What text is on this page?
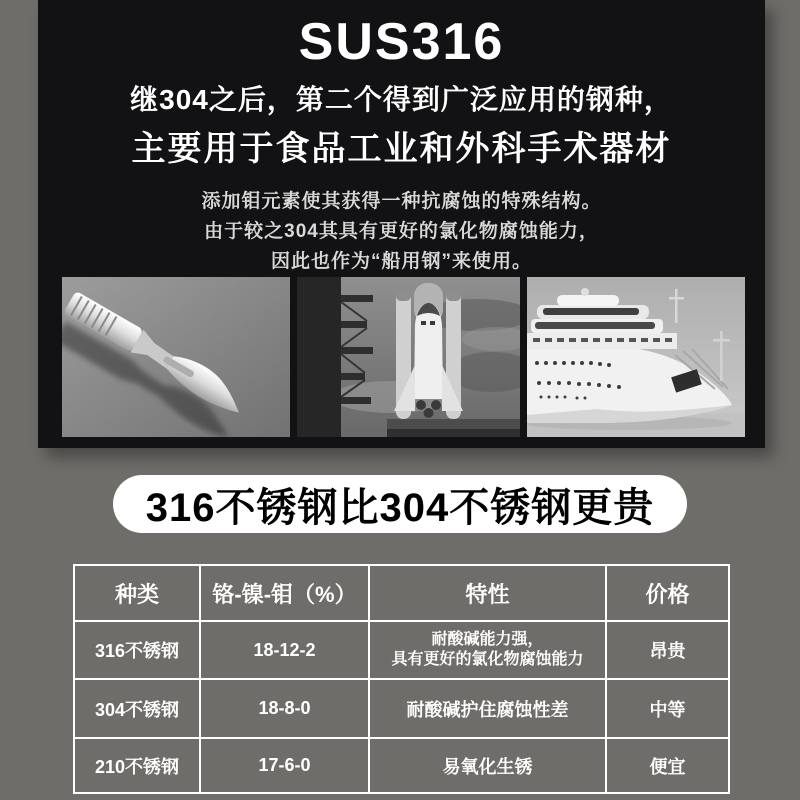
SUS316
继304之后，第二个得到广泛应用的钢种，
主要用于食品工业和外科手术器材
添加钼元素使其获得一种抗腐蚀的特殊结构。
由于较之304其具有更好的氯化物腐蚀能力，
因此也作为“船用钢”来使用。
316不锈钢比304不锈钢更贵
种类	铬-镍-钼（%）	特性	价格
316不锈钢	18-12-2	耐酸碱能力强，
具有更好的氯化物腐蚀能力	昂贵
304不锈钢	18-8-0	耐酸碱护住腐蚀性差	中等
210不锈钢	17-6-0	易氧化生锈	便宜
